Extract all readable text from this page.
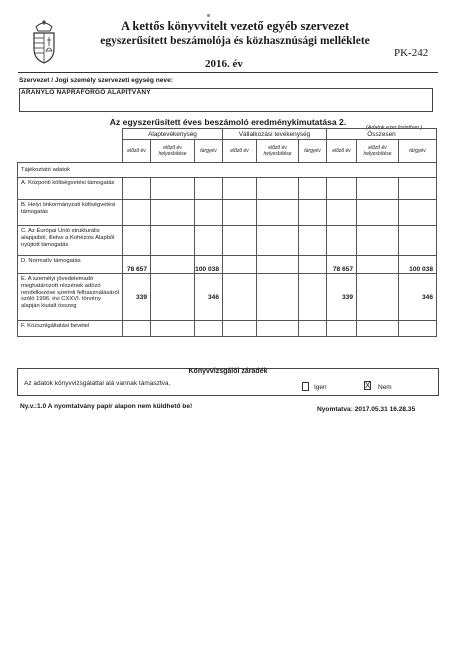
A kettős könyvvitelt vezető egyéb szervezet
egyszerűsített beszámolója és közhasznúsági melléklete
2016. év
PK-242
Szervezet / Jogi személy szervezeti egység neve:
ARANYLÓ NAPRAFORGÓ ALAPÍTVÁNY
Az egyszerűsített éves beszámoló eredménykimutatása 2.
(Adatok ezer forintban.)
	Alaptevékenység			Vállalkozási tevékenység			Összesen		
	előző év	előző év helyesbítése	tárgyév	előző év	előző év helyesbítése	tárgyév	előző év	előző év helyesbítése	tárgyév
Tájékoztató adatok									
A. Központi költségvetési támogatás									
B. Helyi önkormányzati költségvetési támogatás									
C. Az Európai Unió strukturális alapjaiból, illetve a Kohéziós Alapból nyújtott támogatás									
D. Normatív támogatás	78 657		100 038				78 657		100 038
E. A személyi jövedelemadó meghatározott részének adózó rendelkezése szerinti felhasználásáról szóló 1996. évi CXXVI. törvény alapján kiutalt összeg	339		346				339		346
F. Közszolgáltatási bevétel									
Könyvvizsgálói záradék
Az adatok könyvvizsgálattal alá vannak támasztva.
Igen	X Nem
Ny.v.:1.0 A nyomtatvány papír alapon nem küldhető be!	Nyomtatva: 2017.05.31 16.28.35
